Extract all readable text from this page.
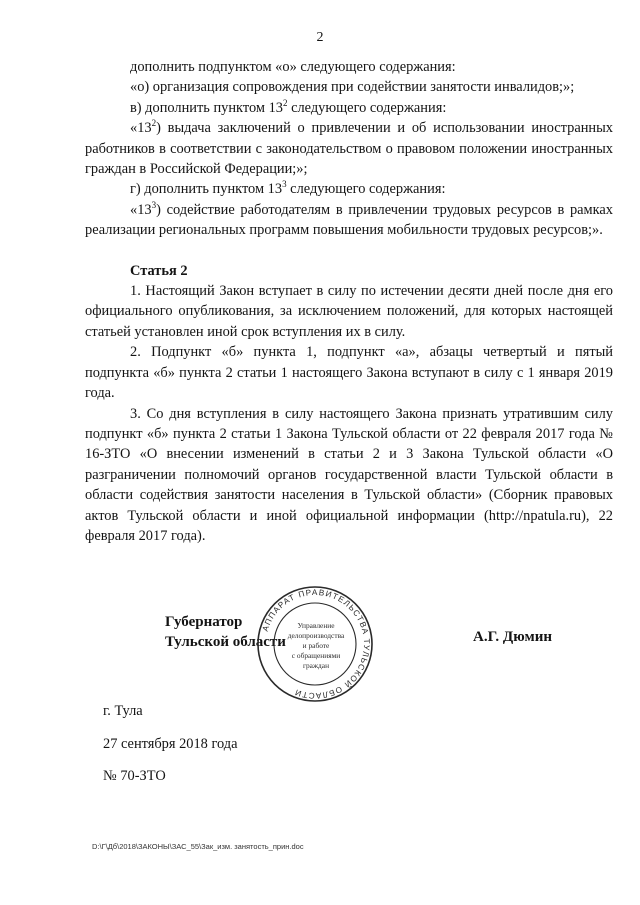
2

дополнить подпунктом «о» следующего содержания:

«о) организация сопровождения при содействии занятости инвалидов;»;

в) дополнить пунктом $13^2$ следующего содержания:

«$13^2$) выдача заключений о привлечении и об использовании иностранных работников в соответствии с законодательством о правовом положении иностранных граждан в Российской Федерации;»;

г) дополнить пунктом $13^3$ следующего содержания:

«$13^3$) содействие работодателям в привлечении трудовых ресурсов в рамках реализации региональных программ повышения мобильности трудовых ресурсов;».

Статья 2

1. Настоящий Закон вступает в силу по истечении десяти дней после дня его официального опубликования, за исключением положений, для которых настоящей статьей установлен иной срок вступления их в силу.

2. Подпункт «б» пункта 1, подпункт «а», абзацы четвертый и пятый подпункта «б» пункта 2 статьи 1 настоящего Закона вступают в силу с 1 января 2019 года.

3. Со дня вступления в силу настоящего Закона признать утратившим силу подпункт «б» пункта 2 статьи 1 Закона Тульской области от 22 февраля 2017 года № 16-ЗТО «О внесении изменений в статьи 2 и 3 Закона Тульской области «О разграничении полномочий органов государственной власти Тульской области в области содействия занятости населения в Тульской области» (Сборник правовых актов Тульской области и иной официальной информации (http://npatula.ru), 22 февраля 2017 года).

Губернатор
Тульской области
АППАРАТ ПРАВИТЕЛЬСТВА ТУЛЬСКОЙ ОБЛАСТИ
Управление
делопроизводства
и работе
с обращениями
граждан
А.Г. Дюмин
г. Тула
27 сентября 2018 года
№ 70-ЗТО
D:\Г\Дб\2018\ЗАКОНЫ\ЗАС_55\Зак_изм. занятость_прин.doc
